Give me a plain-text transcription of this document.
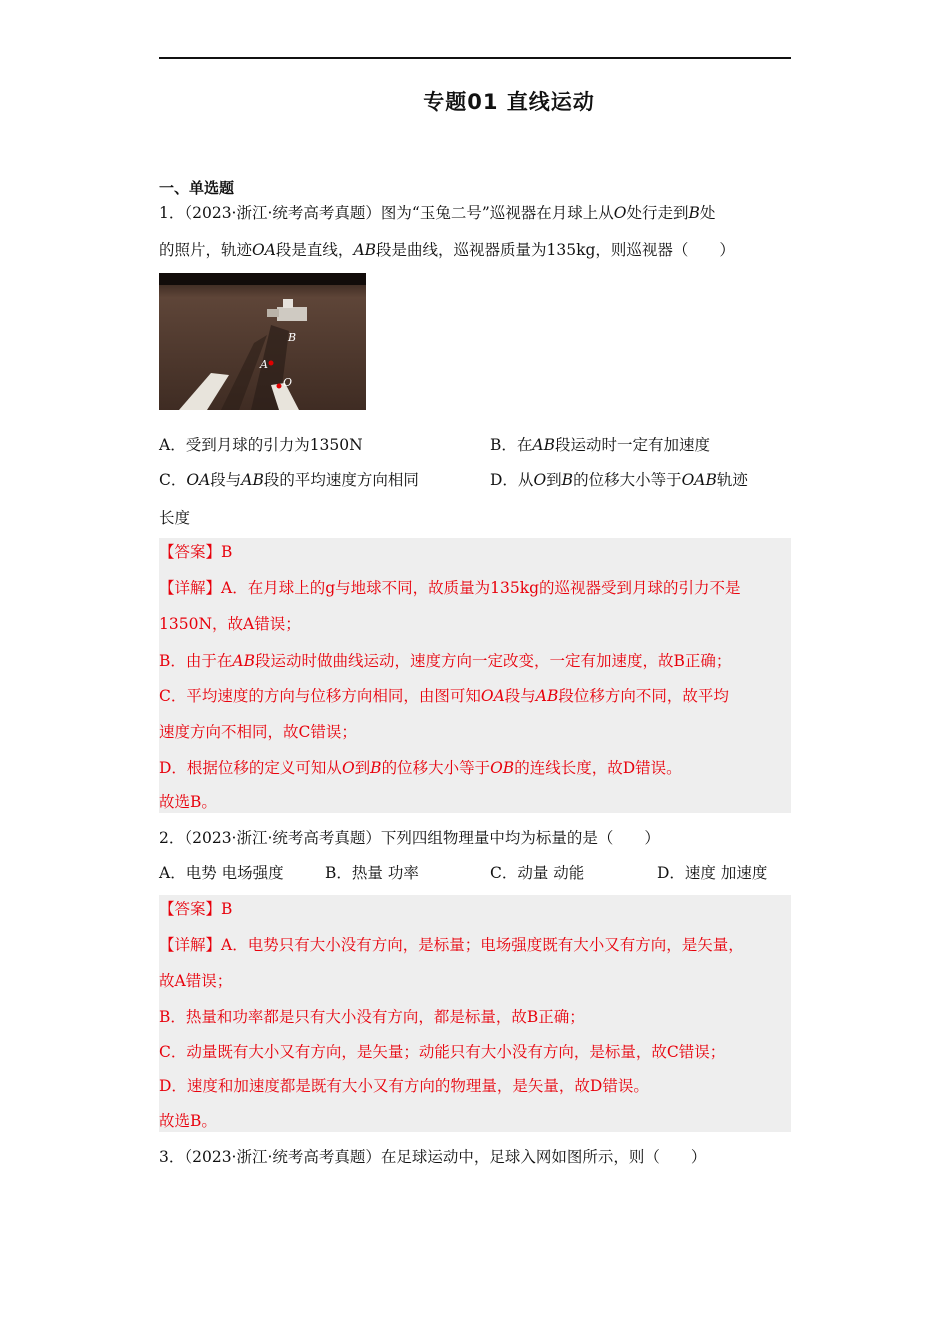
专题01 直线运动
一、单选题
1．（2023·浙江·统考高考真题）图为“玉兔二号”巡视器在月球上从O处行走到B处
的照片，轨迹OA段是直线，AB段是曲线，巡视器质量为135kg，则巡视器（　　）
A
O
B
A．受到月球的引力为1350N	B．在AB段运动时一定有加速度
C．OA段与AB段的平均速度方向相同	D．从O到B的位移大小等于OAB轨迹
长度
【答案】B
【详解】A．在月球上的g与地球不同，故质量为135kg的巡视器受到月球的引力不是
1350N，故A错误；
B．由于在AB段运动时做曲线运动，速度方向一定改变，一定有加速度，故B正确；
C．平均速度的方向与位移方向相同，由图可知OA段与AB段位移方向不同，故平均
速度方向不相同，故C错误；
D．根据位移的定义可知从O到B的位移大小等于OB的连线长度，故D错误。
故选B。
2．（2023·浙江·统考高考真题）下列四组物理量中均为标量的是（　　）
A．电势 电场强度	B．热量 功率	C．动量 动能	D．速度 加速度
【答案】B
【详解】A．电势只有大小没有方向，是标量；电场强度既有大小又有方向，是矢量，
故A错误；
B．热量和功率都是只有大小没有方向，都是标量，故B正确；
C．动量既有大小又有方向，是矢量；动能只有大小没有方向，是标量，故C错误；
D．速度和加速度都是既有大小又有方向的物理量，是矢量，故D错误。
故选B。
3．（2023·浙江·统考高考真题）在足球运动中，足球入网如图所示，则（　　）
